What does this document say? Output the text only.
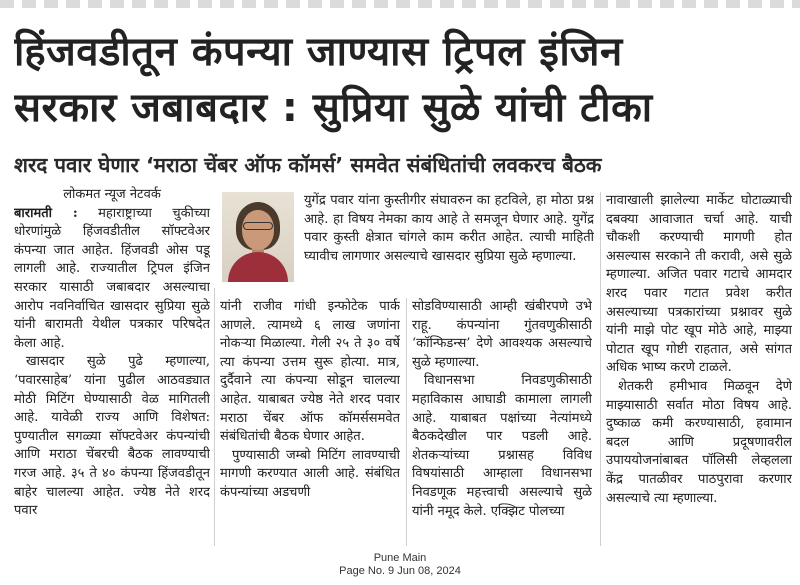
हिंजवडीतून कंपन्या जाण्यास ट्रिपल इंजिन
सरकार जबाबदार : सुप्रिया सुळे यांची टीका
शरद पवार घेणार ‘मराठा चेंबर ऑफ कॉमर्स’ समवेत संबंधितांची लवकरच बैठक

लोकमत न्यूज नेटवर्क

बारामती : महाराष्ट्राच्या चुकीच्या धोरणांमुळे हिंजवडीतील सॉफ्टवेअर कंपन्या जात आहेत. हिंजवडी ओस पडू लागली आहे. राज्यातील ट्रिपल इंजिन सरकार यासाठी जबाबदार असल्याचा आरोप नवनिर्वाचित खासदार सुप्रिया सुळे यांनी बारामती येथील पत्रकार परिषदेत केला आहे.

खासदार सुळे पुढे म्हणाल्या, ‘पवारसाहेब’ यांना पुढील आठवड्यात मोठी मिटिंग घेण्यासाठी वेळ मागितली आहे. यावेळी राज्य आणि विशेषत: पुण्यातील सगळ्या सॉफ्टवेअर कंपन्यांची आणि मराठा चेंबरची बैठक लावण्याची गरज आहे. ३५ ते ४० कंपन्या हिंजवडीतून बाहेर चालल्या आहेत. ज्येष्ठ नेते शरद पवार

युगेंद्र पवार यांना कुस्तीगीर संघावरुन का हटविले, हा मोठा प्रश्न आहे. हा विषय नेमका काय आहे ते समजून घेणार आहे. युगेंद्र पवार कुस्ती क्षेत्रात चांगले काम करीत आहेत. त्याची माहिती घ्यावीच लागणार असल्याचे खासदार सुप्रिया सुळे म्हणाल्या.

यांनी राजीव गांधी इन्फोटेक पार्क आणले. त्यामध्ये ६ लाख जणांना नोकऱ्या मिळाल्या. गेली २५ ते ३० वर्षे त्या कंपन्या उत्तम सुरू होत्या. मात्र, दुर्दैवाने त्या कंपन्या सोडून चालल्या आहेत. याबाबत ज्येष्ठ नेते शरद पवार मराठा चेंबर ऑफ कॉमर्ससमवेत संबंधितांची बैठक घेणार आहेत.

पुण्यासाठी जम्बो मिटिंग लावण्याची मागणी करण्यात आली आहे. संबंधित कंपन्यांच्या अडचणी

सोडविण्यासाठी आम्ही खंबीरपणे उभे राहू. कंपन्यांना गुंतवणुकीसाठी ‘कॉन्फिडन्स’ देणे आवश्यक असल्याचे सुळे म्हणाल्या.

विधानसभा निवडणुकीसाठी महाविकास आघाडी कामाला लागली आहे. याबाबत पक्षांच्या नेत्यांमध्ये बैठकदेखील पार पडली आहे. शेतकऱ्यांच्या प्रश्नासह विविध विषयांसाठी आम्हाला विधानसभा निवडणूक महत्त्वाची असल्याचे सुळे यांनी नमूद केले. एक्झिट पोलच्या

नावाखाली झालेल्या मार्केट घोटाळ्याची दबक्या आवाजात चर्चा आहे. याची चौकशी करण्याची मागणी होत असल्यास सरकाने ती करावी, असे सुळे म्हणाल्या. अजित पवार गटाचे आमदार शरद पवार गटात प्रवेश करीत असल्याच्या पत्रकारांच्या प्रश्नावर सुळे यांनी माझे पोट खूप मोठे आहे, माझ्या पोटात खूप गोष्टी राहतात, असे सांगत अधिक भाष्य करणे टाळले.

शेतकरी हमीभाव मिळवून देणे माझ्यासाठी सर्वात मोठा विषय आहे. दुष्काळ कमी करण्यासाठी, हवामान बदल आणि प्रदूषणावरील उपाययोजनांबाबत पॉलिसी लेव्हलला केंद्र पातळीवर पाठपुरावा करणार असल्याचे त्या म्हणाल्या.

Pune Main
Page No. 9 Jun 08, 2024
